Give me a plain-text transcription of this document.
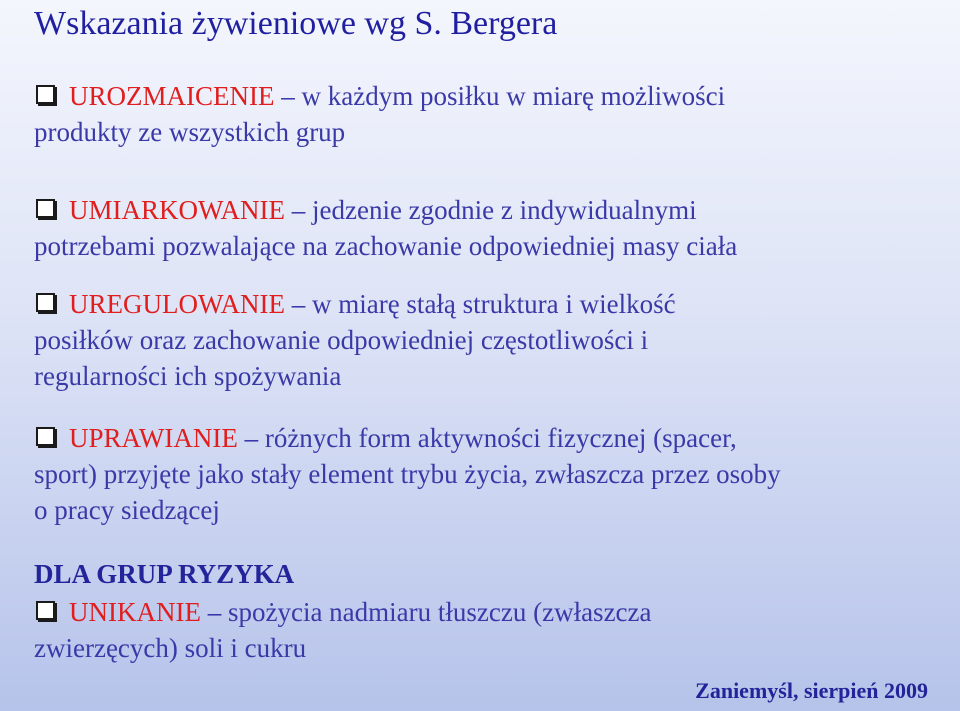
Wskazania żywieniowe wg S. Bergera
UROZMAICENIE – w każdym posiłku w miarę możliwości
produkty ze wszystkich grup
UMIARKOWANIE – jedzenie zgodnie z indywidualnymi
potrzebami pozwalające na zachowanie odpowiedniej masy ciała
UREGULOWANIE – w miarę stałą struktura i wielkość
posiłków oraz zachowanie odpowiedniej częstotliwości i
regularności ich spożywania
UPRAWIANIE – różnych form aktywności fizycznej (spacer,
sport) przyjęte jako stały element trybu życia, zwłaszcza przez osoby
o pracy siedzącej
DLA GRUP RYZYKA
UNIKANIE – spożycia nadmiaru tłuszczu (zwłaszcza
zwierzęcych) soli i cukru
Zaniemyśl, sierpień 2009
